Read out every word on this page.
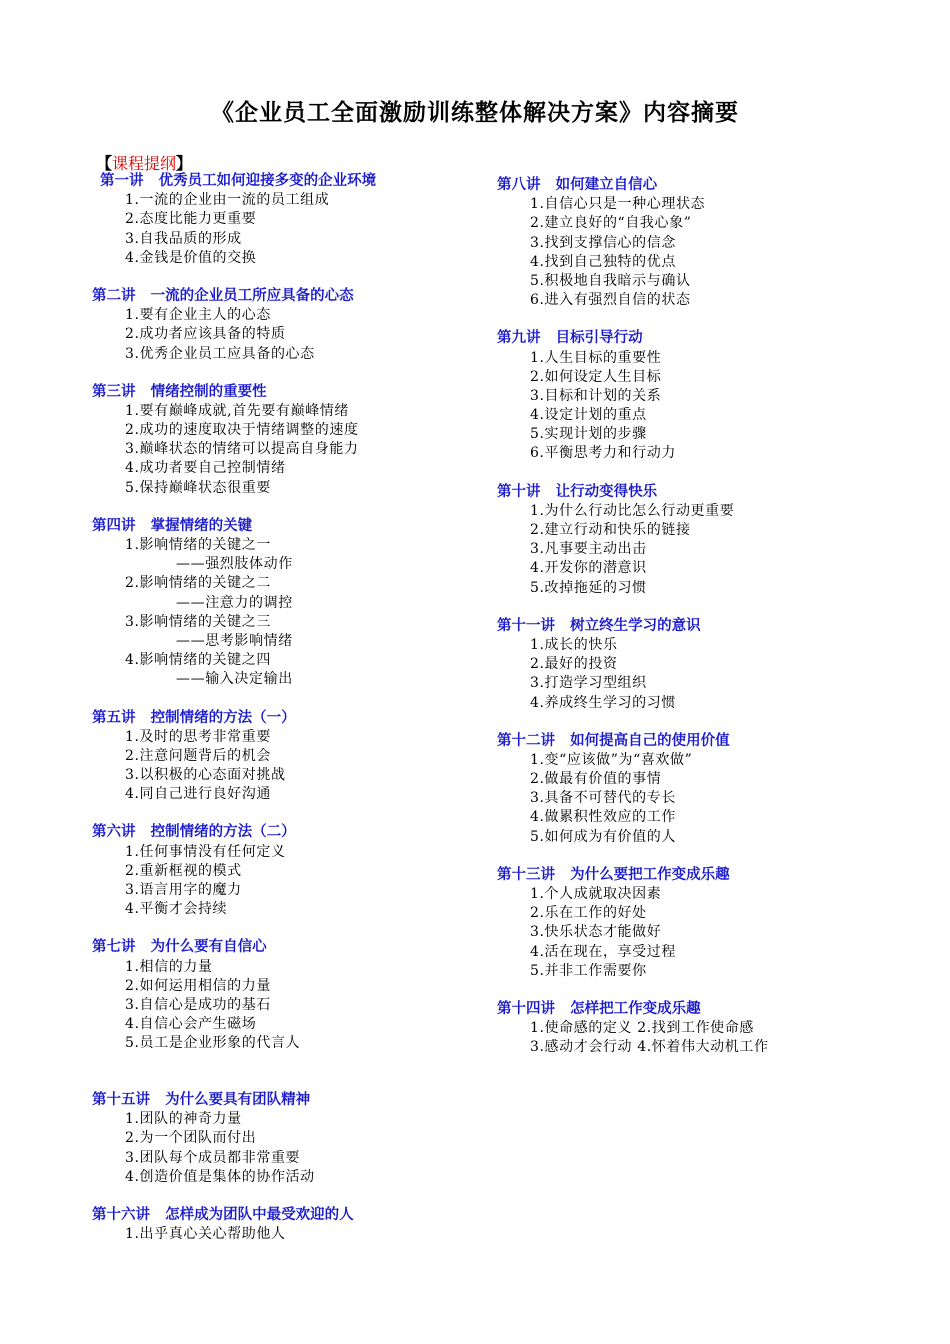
《企业员工全面激励训练整体解决方案》内容摘要
【课程提纲】
第一讲   优秀员工如何迎接多变的企业环境
1.一流的企业由一流的员工组成
2.态度比能力更重要
3.自我品质的形成
4.金钱是价值的交换
第二讲   一流的企业员工所应具备的心态
1.要有企业主人的心态
2.成功者应该具备的特质
3.优秀企业员工应具备的心态
第三讲   情绪控制的重要性
1.要有巅峰成就,首先要有巅峰情绪
2.成功的速度取决于情绪调整的速度
3.巅峰状态的情绪可以提高自身能力
4.成功者要自己控制情绪
5.保持巅峰状态很重要
第四讲   掌握情绪的关键
1.影响情绪的关键之一
——强烈肢体动作
2.影响情绪的关键之二
——注意力的调控
3.影响情绪的关键之三
——思考影响情绪
4.影响情绪的关键之四
——输入决定输出
第五讲   控制情绪的方法（一）
1.及时的思考非常重要
2.注意问题背后的机会
3.以积极的心态面对挑战
4.同自己进行良好沟通
第六讲   控制情绪的方法（二）
1.任何事情没有任何定义
2.重新框视的模式
3.语言用字的魔力
4.平衡才会持续
第七讲   为什么要有自信心
1.相信的力量
2.如何运用相信的力量
3.自信心是成功的基石
4.自信心会产生磁场
5.员工是企业形象的代言人
第十五讲   为什么要具有团队精神
1.团队的神奇力量
2.为一个团队而付出
3.团队每个成员都非常重要
4.创造价值是集体的协作活动
第十六讲   怎样成为团队中最受欢迎的人
1.出乎真心关心帮助他人
第八讲   如何建立自信心
1.自信心只是一种心理状态
2.建立良好的“自我心象”
3.找到支撑信心的信念
4.找到自己独特的优点
5.积极地自我暗示与确认
6.进入有强烈自信的状态
第九讲   目标引导行动
1.人生目标的重要性
2.如何设定人生目标
3.目标和计划的关系
4.设定计划的重点
5.实现计划的步骤
6.平衡思考力和行动力
第十讲   让行动变得快乐
1.为什么行动比怎么行动更重要
2.建立行动和快乐的链接
3.凡事要主动出击
4.开发你的潜意识
5.改掉拖延的习惯
第十一讲   树立终生学习的意识
1.成长的快乐
2.最好的投资
3.打造学习型组织
4.养成终生学习的习惯
第十二讲   如何提高自己的使用价值
1.变“应该做”为“喜欢做”
2.做最有价值的事情
3.具备不可替代的专长
4.做累积性效应的工作
5.如何成为有价值的人
第十三讲   为什么要把工作变成乐趣
1.个人成就取决因素
2.乐在工作的好处
3.快乐状态才能做好
4.活在现在，享受过程
5.并非工作需要你
第十四讲   怎样把工作变成乐趣
1.使命感的定义 2.找到工作使命感
3.感动才会行动 4.怀着伟大动机工作
